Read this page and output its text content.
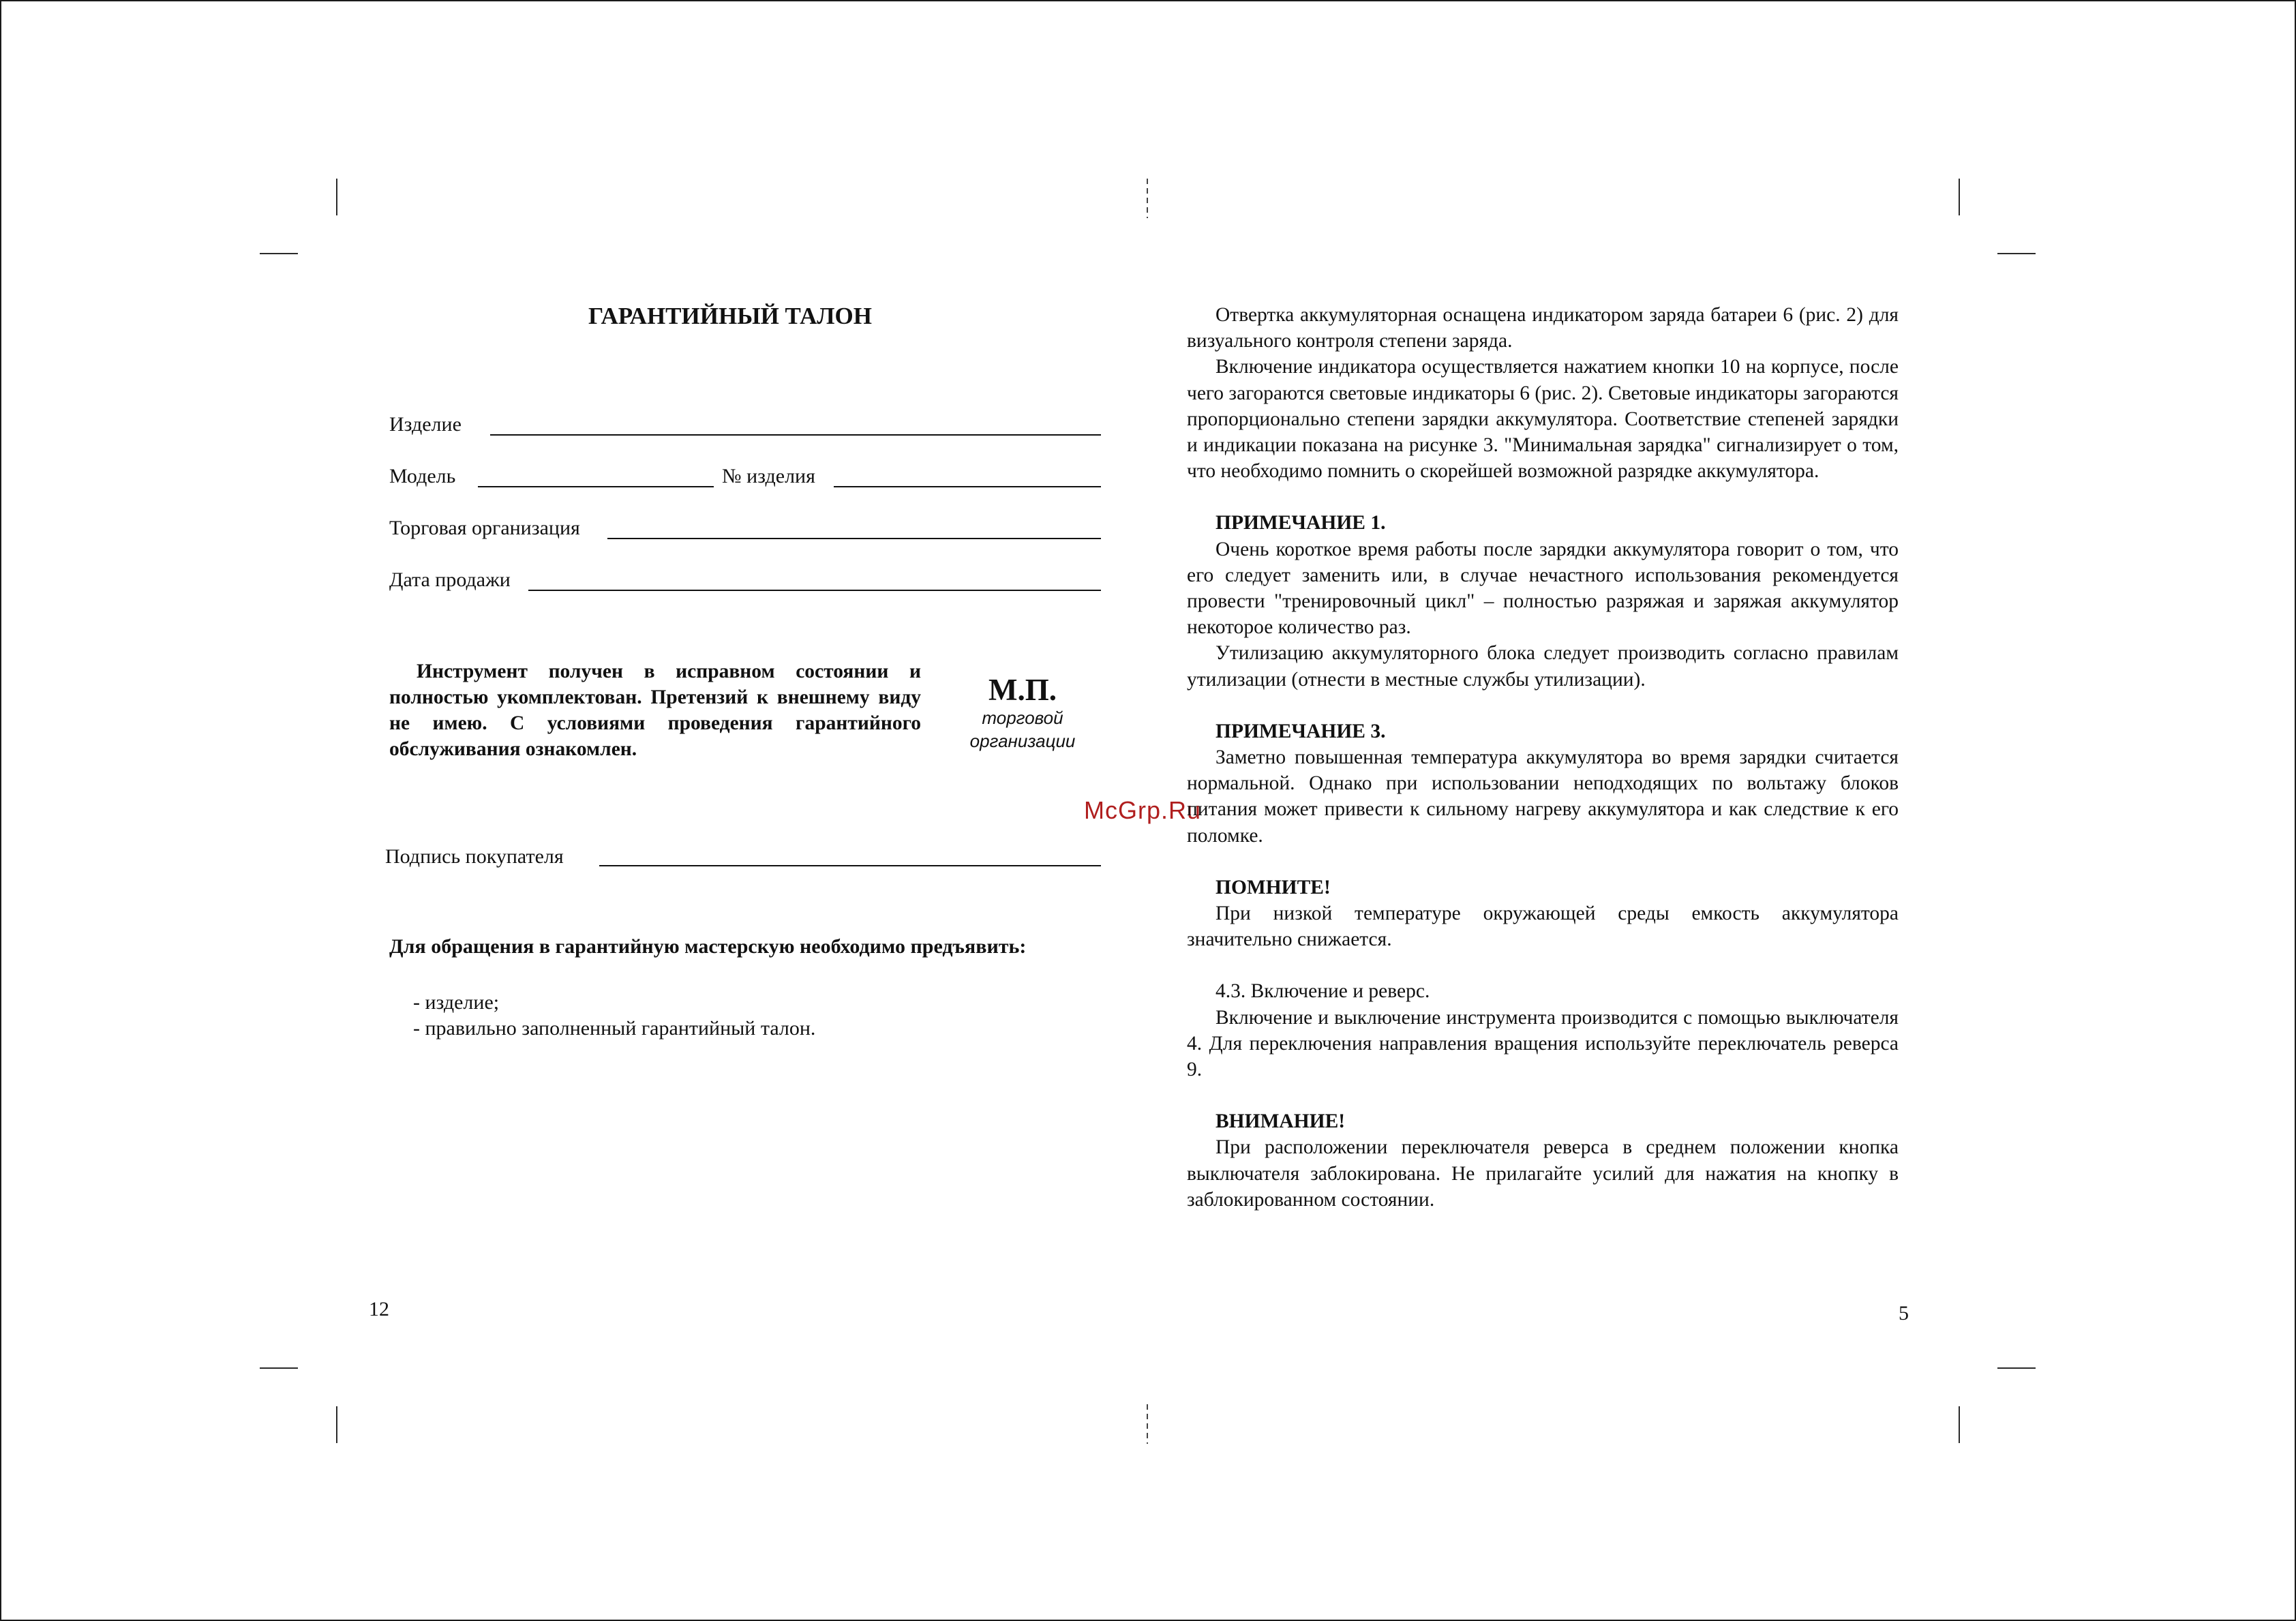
ГАРАНТИЙНЫЙ ТАЛОН
Изделие
Модель	№ изделия
Торговая организация
Дата продажи

Инструмент получен в исправном состоянии и полностью укомплектован. Претензий к внешнему виду не имею. С условиями проведения гарантийного обслуживания ознакомлен.

М.П.
торговой
организации
McGrp.Ru
Подпись покупателя
Для обращения в гарантийную мастерскую необходимо предъявить:
- изделие;
- правильно заполненный гарантийный талон.
12

Отвертка аккумуляторная оснащена индикатором заряда батареи 6 (рис. 2) для визуального контроля степени заряда.

Включение индикатора осуществляется нажатием кнопки 10 на корпусе, после чего загораются световые индикаторы 6 (рис. 2). Световые индикаторы загораются пропорционально степени зарядки аккумулятора. Соответствие степеней зарядки и индикации показана на рисунке 3. "Минимальная зарядка" сигнализирует о том, что необходимо помнить о скорейшей возможной разрядке аккумулятора.

ПРИМЕЧАНИЕ 1.

Очень короткое время работы после зарядки аккумулятора говорит о том, что его следует заменить или, в случае нечастного использования рекомендуется провести "тренировочный цикл" – полностью разряжая и заряжая аккумулятор некоторое количество раз.

Утилизацию аккумуляторного блока следует производить согласно правилам утилизации (отнести в местные службы утилизации).

ПРИМЕЧАНИЕ 3.

Заметно повышенная температура аккумулятора во время зарядки считается нормальной. Однако при использовании неподходящих по вольтажу блоков питания может привести к сильному нагреву аккумулятора и как следствие к его поломке.

ПОМНИТЕ!

При низкой температуре окружающей среды емкость аккумулятора значительно снижается.

4.3. Включение и реверс.

Включение и выключение инструмента производится с помощью выключателя 4. Для переключения направления вращения используйте переключатель реверса 9.

ВНИМАНИЕ!

При расположении переключателя реверса в среднем положении кнопка выключателя заблокирована. Не прилагайте усилий для нажатия на кнопку в заблокированном состоянии.

5
